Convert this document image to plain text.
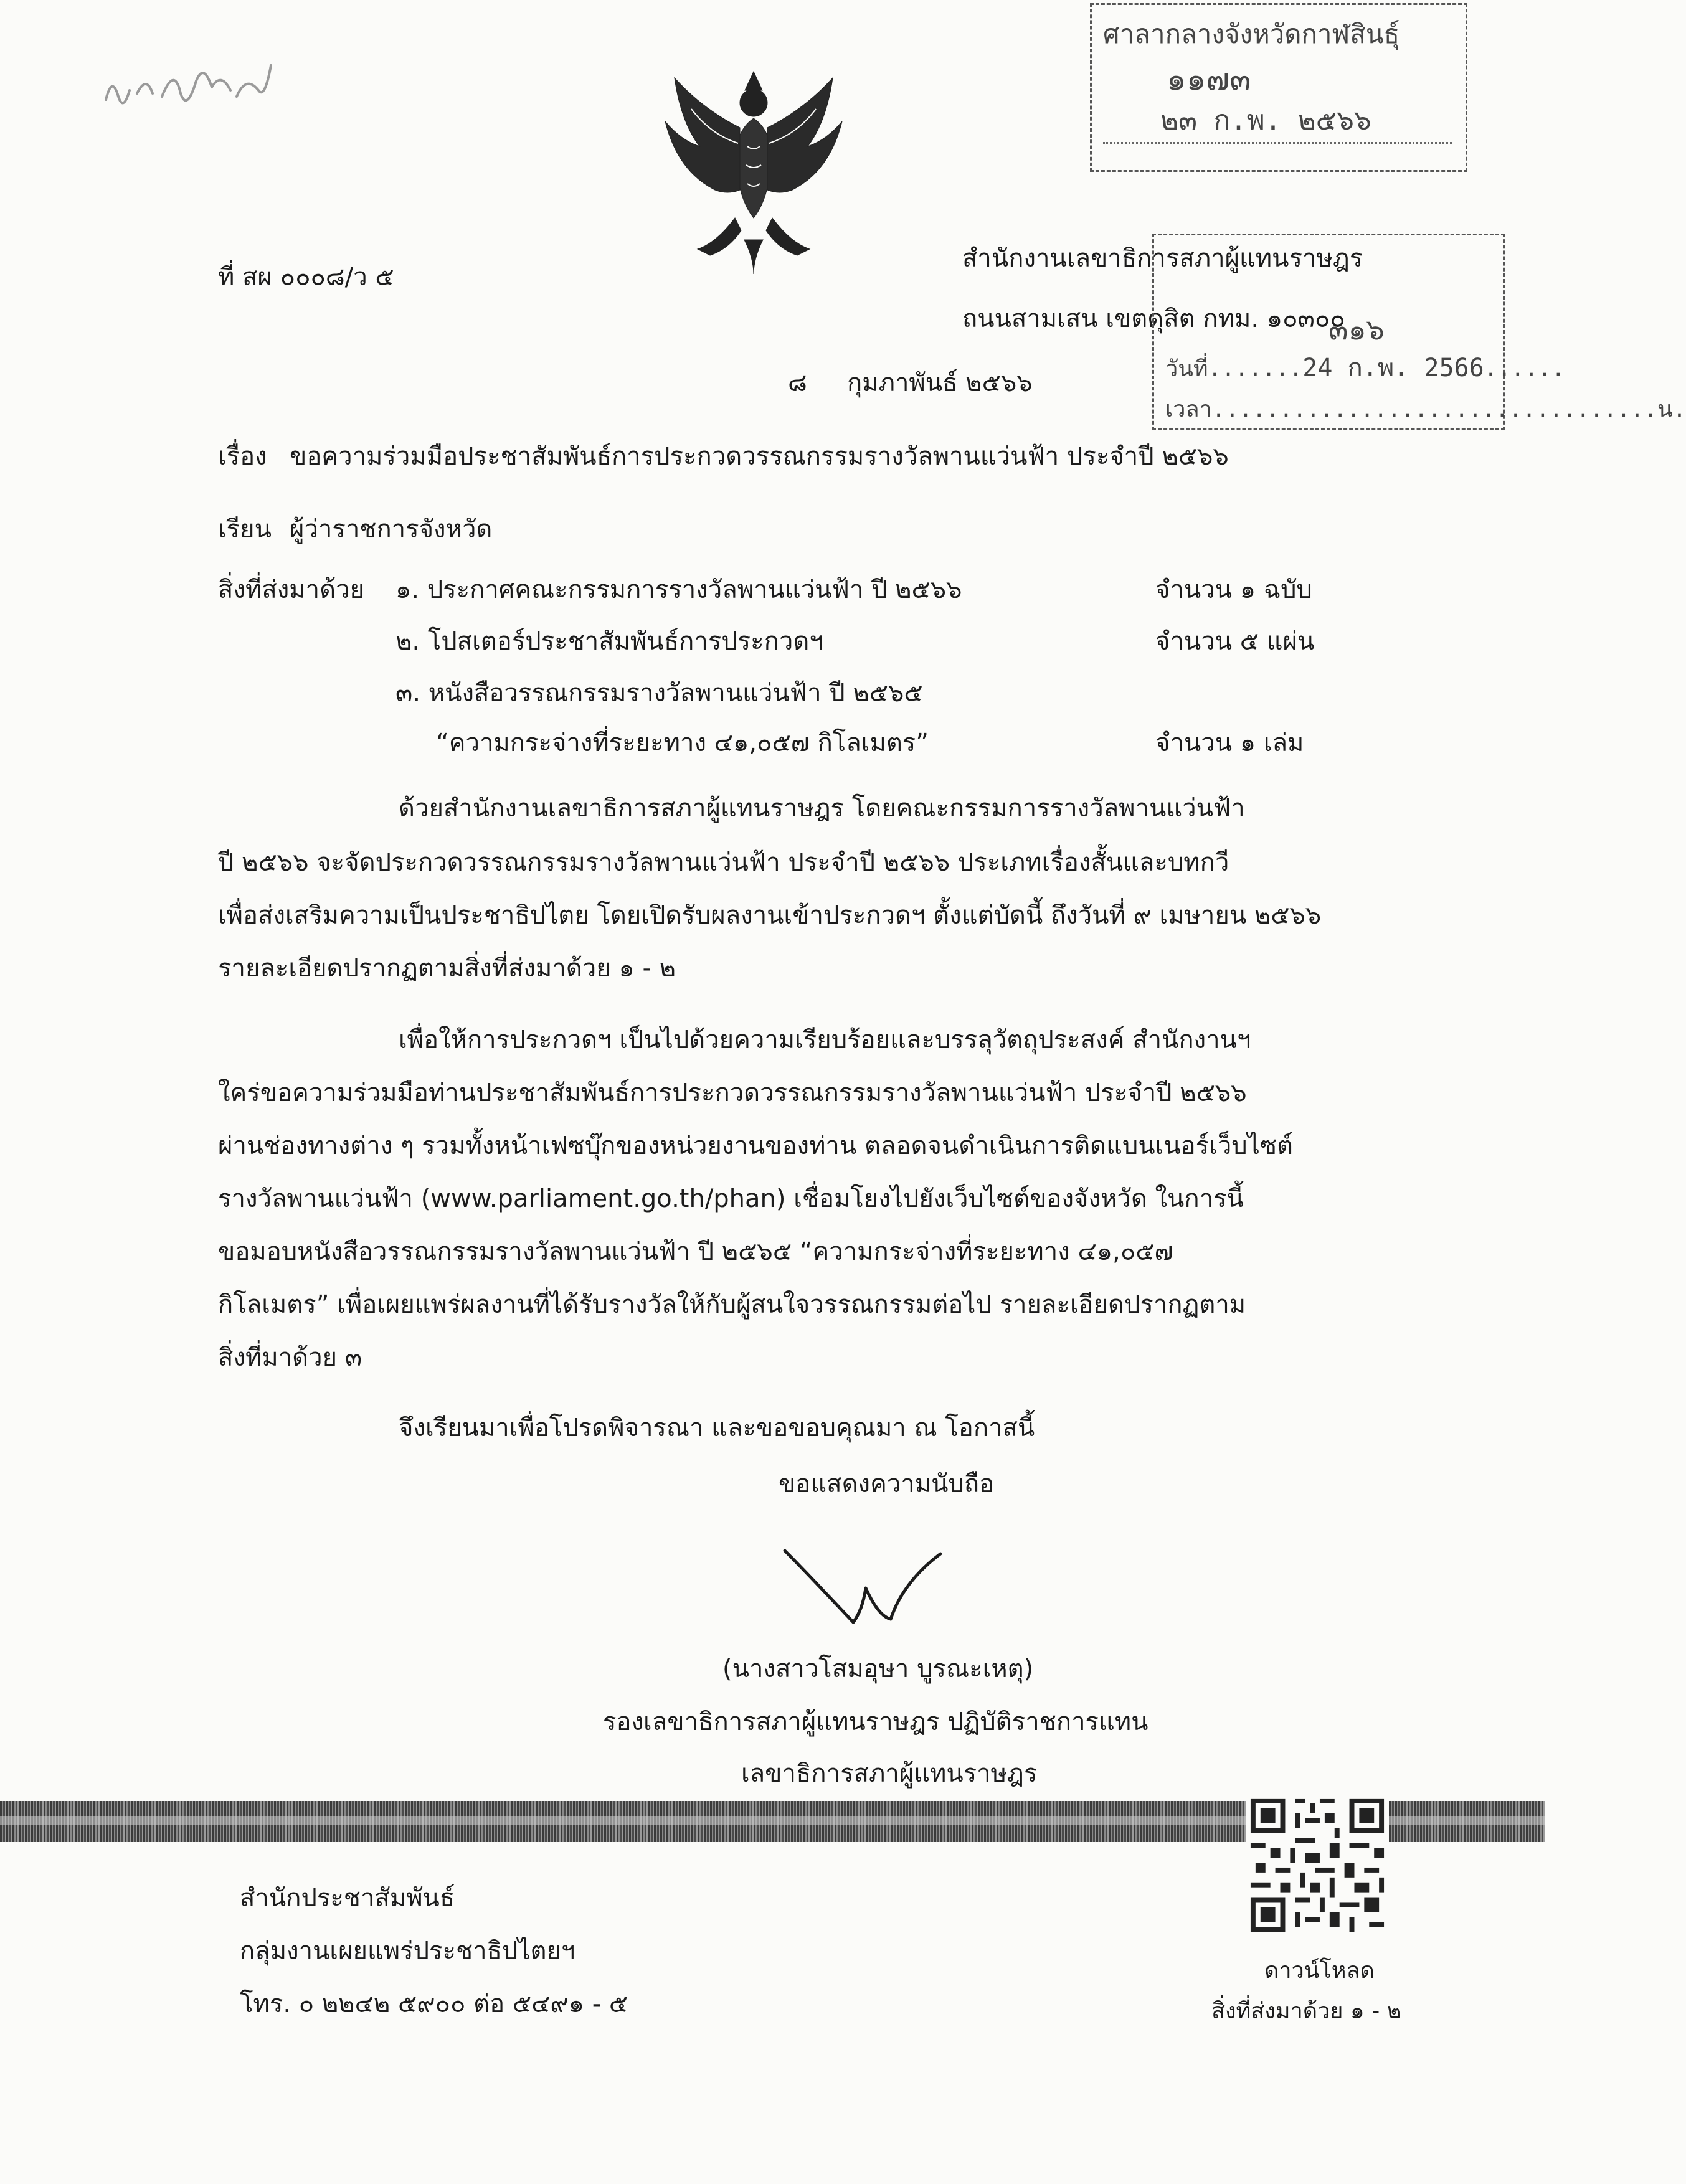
ศาลากลางจังหวัดกาฬสินธุ์
๑๑๗๓
๒๓ ก.พ. ๒๕๖๖
ที่ สผ ๐๐๐๘/ว ๕
สำนักงานเลขาธิการสภาผู้แทนราษฎร
ถนนสามเสน เขตดุสิต กทม. ๑๐๓๐๐
๓๑๖
วันที่.......24 ก.พ. 2566......
เวลา.................................น.
๘ กุมภาพันธ์ ๒๕๖๖
เรื่อง ขอความร่วมมือประชาสัมพันธ์การประกวดวรรณกรรมรางวัลพานแว่นฟ้า ประจำปี ๒๕๖๖
เรียน ผู้ว่าราชการจังหวัด
สิ่งที่ส่งมาด้วย ๑. ประกาศคณะกรรมการรางวัลพานแว่นฟ้า ปี ๒๕๖๖	จำนวน ๑ ฉบับ
๒. โปสเตอร์ประชาสัมพันธ์การประกวดฯ	จำนวน ๕ แผ่น
๓. หนังสือวรรณกรรมรางวัลพานแว่นฟ้า ปี ๒๕๖๕
“ความกระจ่างที่ระยะทาง ๔๑,๐๕๗ กิโลเมตร”	จำนวน ๑ เล่ม
ด้วยสำนักงานเลขาธิการสภาผู้แทนราษฎร โดยคณะกรรมการรางวัลพานแว่นฟ้า
ปี ๒๕๖๖ จะจัดประกวดวรรณกรรมรางวัลพานแว่นฟ้า ประจำปี ๒๕๖๖ ประเภทเรื่องสั้นและบทกวี
เพื่อส่งเสริมความเป็นประชาธิปไตย โดยเปิดรับผลงานเข้าประกวดฯ ตั้งแต่บัดนี้ ถึงวันที่ ๙ เมษายน ๒๕๖๖
รายละเอียดปรากฏตามสิ่งที่ส่งมาด้วย ๑ - ๒
เพื่อให้การประกวดฯ เป็นไปด้วยความเรียบร้อยและบรรลุวัตถุประสงค์ สำนักงานฯ
ใคร่ขอความร่วมมือท่านประชาสัมพันธ์การประกวดวรรณกรรมรางวัลพานแว่นฟ้า ประจำปี ๒๕๖๖
ผ่านช่องทางต่าง ๆ รวมทั้งหน้าเฟซบุ๊กของหน่วยงานของท่าน ตลอดจนดำเนินการติดแบนเนอร์เว็บไซต์
รางวัลพานแว่นฟ้า (www.parliament.go.th/phan) เชื่อมโยงไปยังเว็บไซต์ของจังหวัด ในการนี้
ขอมอบหนังสือวรรณกรรมรางวัลพานแว่นฟ้า ปี ๒๕๖๕ “ความกระจ่างที่ระยะทาง ๔๑,๐๕๗
กิโลเมตร” เพื่อเผยแพร่ผลงานที่ได้รับรางวัลให้กับผู้สนใจวรรณกรรมต่อไป รายละเอียดปรากฏตาม
สิ่งที่มาด้วย ๓
จึงเรียนมาเพื่อโปรดพิจารณา และขอขอบคุณมา ณ โอกาสนี้
ขอแสดงความนับถือ
(นางสาวโสมอุษา บูรณะเหตุ)
รองเลขาธิการสภาผู้แทนราษฎร ปฏิบัติราชการแทน
เลขาธิการสภาผู้แทนราษฎร
สำนักประชาสัมพันธ์
กลุ่มงานเผยแพร่ประชาธิปไตยฯ
โทร. ๐ ๒๒๔๒ ๕๙๐๐ ต่อ ๕๔๙๑ - ๕
ดาวน์โหลด
สิ่งที่ส่งมาด้วย ๑ - ๒
